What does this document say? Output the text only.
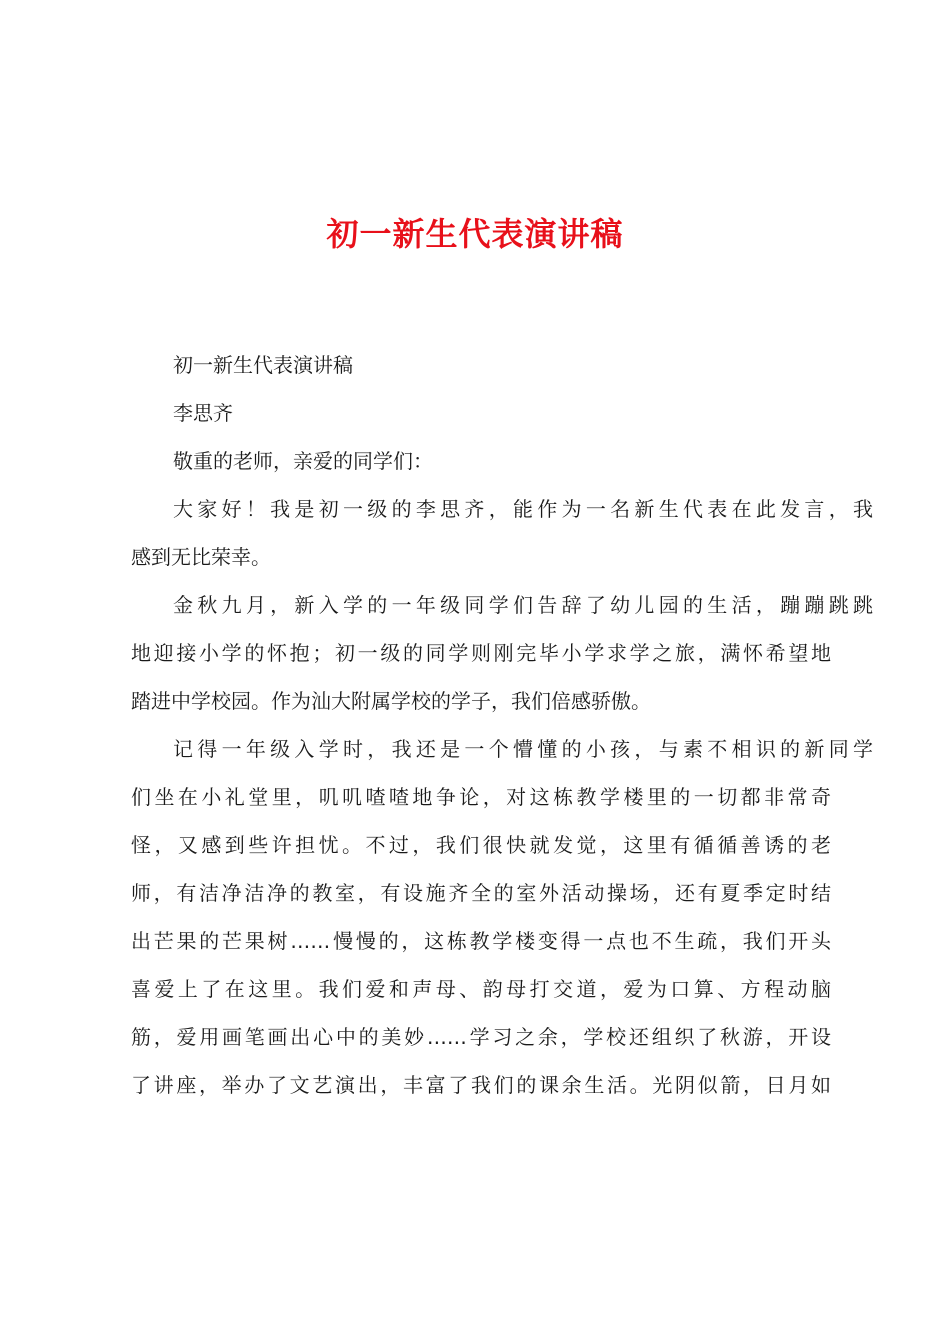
初一新生代表演讲稿
初一新生代表演讲稿
李思齐
敬重的老师，亲爱的同学们：
大家好！我是初一级的李思齐，能作为一名新生代表在此发言，我
感到无比荣幸。
金秋九月，新入学的一年级同学们告辞了幼儿园的生活，蹦蹦跳跳
地迎接小学的怀抱；初一级的同学则刚完毕小学求学之旅，满怀希望地
踏进中学校园。作为汕大附属学校的学子，我们倍感骄傲。
记得一年级入学时，我还是一个懵懂的小孩，与素不相识的新同学
们坐在小礼堂里，叽叽喳喳地争论，对这栋教学楼里的一切都非常奇
怪，又感到些许担忧。不过，我们很快就发觉，这里有循循善诱的老
师，有洁净洁净的教室，有设施齐全的室外活动操场，还有夏季定时结
出芒果的芒果树……慢慢的，这栋教学楼变得一点也不生疏，我们开头
喜爱上了在这里。我们爱和声母、韵母打交道，爱为口算、方程动脑
筋，爱用画笔画出心中的美妙……学习之余，学校还组织了秋游，开设
了讲座，举办了文艺演出，丰富了我们的课余生活。光阴似箭，日月如
